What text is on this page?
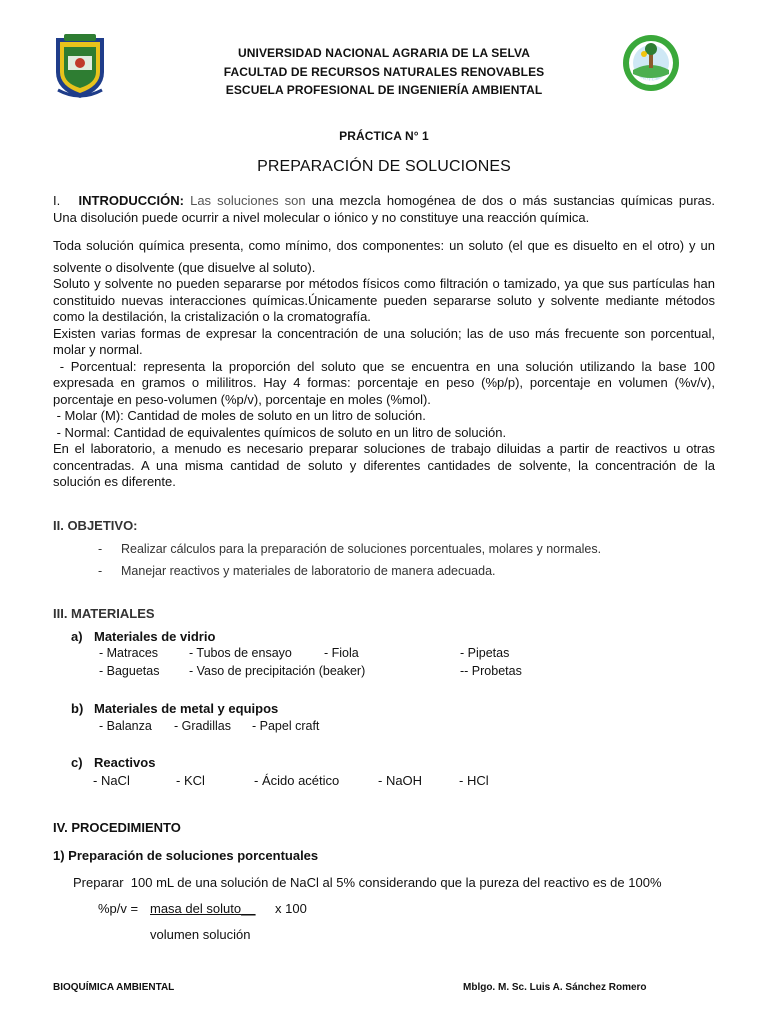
UNAS
UNIVERSIDAD NACIONAL AGRARIA DE LA SELVA
FACULTAD DE RECURSOS NATURALES RENOVABLES
ESCUELA PROFESIONAL DE INGENIERÍA AMBIENTAL
PRÁCTICA N° 1
PREPARACIÓN DE SOLUCIONES
I. INTRODUCCIÓN: Las soluciones son una mezcla homogénea de dos o más sustancias químicas puras.
Una disolución puede ocurrir a nivel molecular o iónico y no constituye una reacción química.
Toda solución química presenta, como mínimo, dos componentes: un soluto (el que es disuelto en el otro) y un
solvente o disolvente (que disuelve al soluto).
Soluto y solvente no pueden separarse por métodos físicos como filtración o tamizado, ya que sus partículas han
constituido nuevas interacciones químicas.Únicamente pueden separarse soluto y solvente mediante métodos
como la destilación, la cristalización o la cromatografía.
Existen varias formas de expresar la concentración de una solución; las de uso más frecuente son porcentual,
molar y normal.
- Porcentual: representa la proporción del soluto que se encuentra en una solución utilizando la base 100
expresada en gramos o mililitros. Hay 4 formas: porcentaje en peso (%p/p), porcentaje en volumen (%v/v),
porcentaje en peso-volumen (%p/v), porcentaje en moles (%mol).
- Molar (M): Cantidad de moles de soluto en un litro de solución.
- Normal: Cantidad de equivalentes químicos de soluto en un litro de solución.
En el laboratorio, a menudo es necesario preparar soluciones de trabajo diluidas a partir de reactivos u otras
concentradas. A una misma cantidad de soluto y diferentes cantidades de solvente, la concentración de la
solución es diferente.
II. OBJETIVO:
- Realizar cálculos para la preparación de soluciones porcentuales, molares y normales.
- Manejar reactivos y materiales de laboratorio de manera adecuada.
III. MATERIALES
a) Materiales de vidrio
- Matraces - Tubos de ensayo	- Fiola	- Pipetas
- Baguetas - Vaso de precipitación (beaker)	-- Probetas
b) Materiales de metal y equipos
- Balanza - Gradillas - Papel craft
c) Reactivos
- NaCl	- KCl	- Ácido acético	- NaOH	- HCl
IV. PROCEDIMIENTO
1) Preparación de soluciones porcentuales
Preparar  100 mL de una solución de NaCl al 5% considerando que la pureza del reactivo es de 100%
%p/v = masa del soluto__ x 100
volumen solución
BIOQUÍMICA AMBIENTAL	Mblgo. M. Sc. Luis A. Sánchez Romero
